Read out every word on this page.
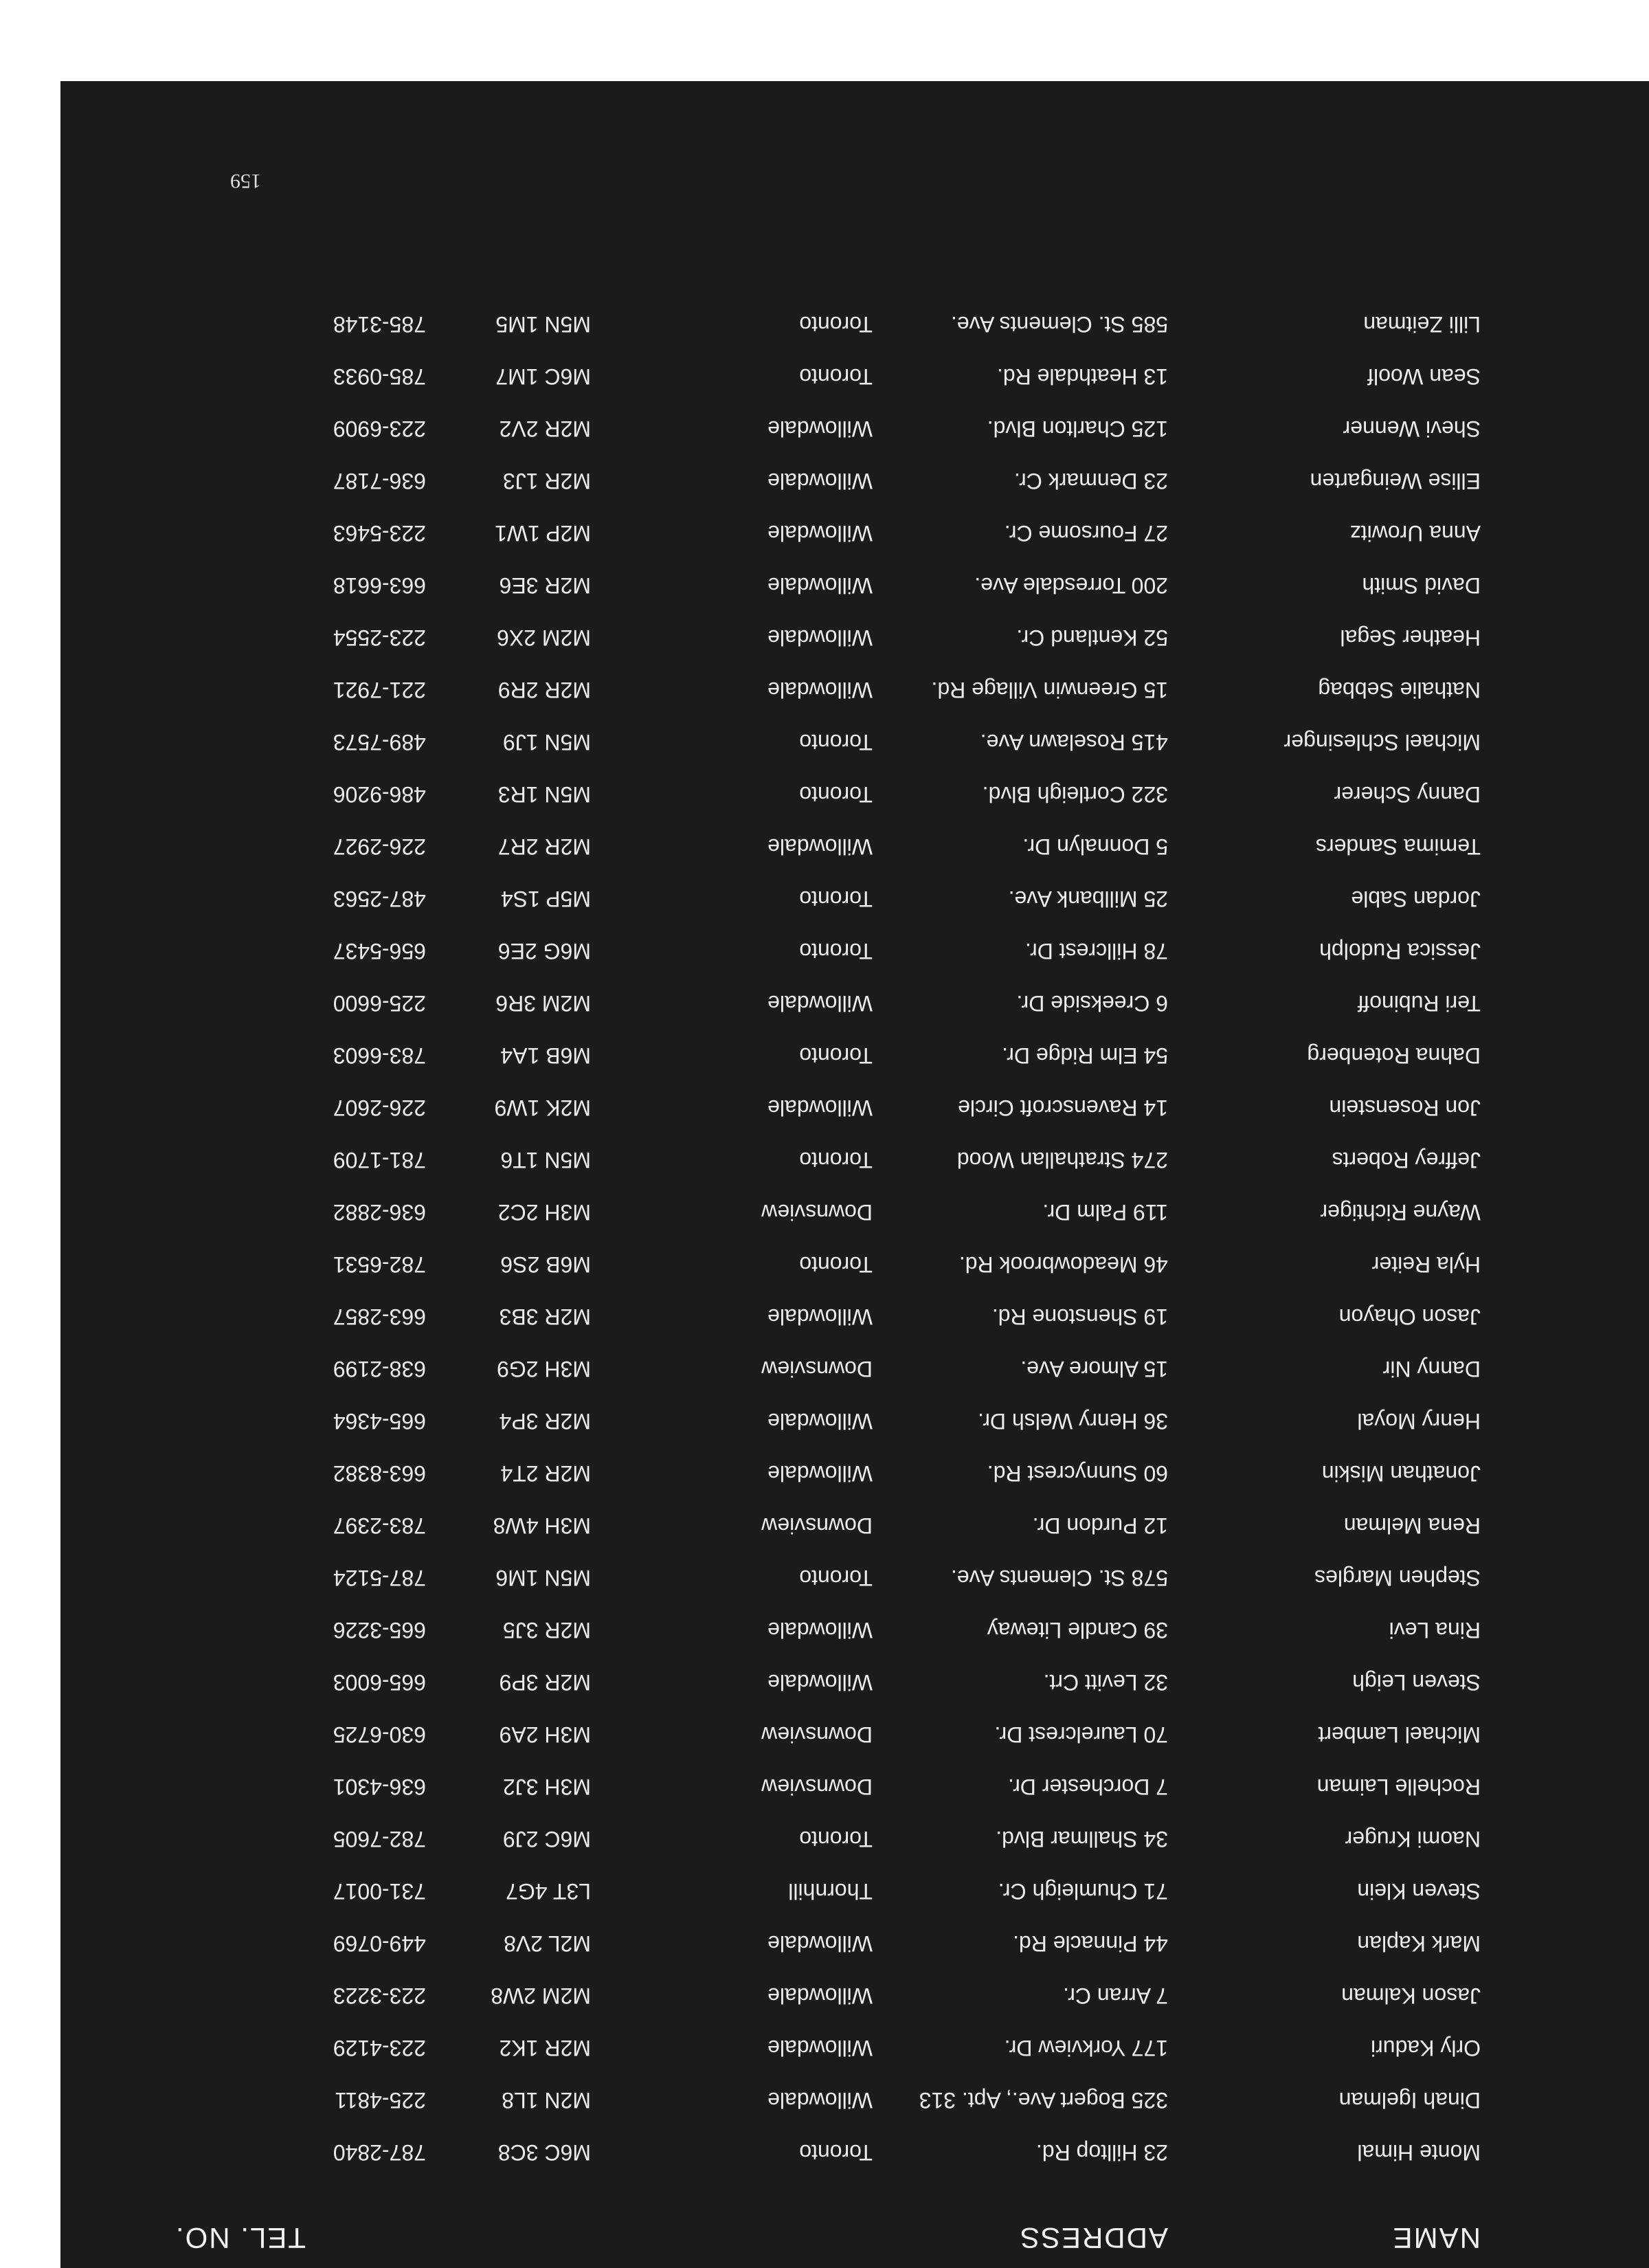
NAME
ADDRESS
TEL. NO.
Monte Himal
23 Hilltop Rd.
Toronto
M6C 3C8
787-2840
Dinah Igelman
325 Bogert Ave., Apt. 313
Willowdale
M2N 1L8
225-4811
Orly Kaduri
177 Yorkview Dr.
Willowdale
M2R 1K2
223-4129
Jason Kalman
7 Arran Cr.
Willowdale
M2M 2W8
223-3223
Mark Kaplan
44 Pinnacle Rd.
Willowdale
M2L 2V8
449-0769
Steven Klein
71 Chumleigh Cr.
Thornhill
L3T 4G7
731-0017
Naomi Kruger
34 Shallmar Blvd.
Toronto
M6C 2J9
782-7605
Rochelle Laiman
7 Dorchester Dr.
Downsview
M3H 3J2
636-4301
Michael Lambert
70 Laurelcrest Dr.
Downsview
M3H 2A9
630-6725
Steven Leigh
32 Levitt Crt.
Willowdale
M2R 3P9
665-6003
Rina Levi
39 Candle Liteway
Willowdale
M2R 3J5
665-3226
Stephen Margles
578 St. Clements Ave.
Toronto
M5N 1M6
787-5124
Rena Melman
12 Purdon Dr.
Downsview
M3H 4W8
783-2397
Jonathan Miskin
60 Sunnycrest Rd.
Willowdale
M2R 2T4
663-8382
Henry Moyal
36 Henry Welsh Dr.
Willowdale
M2R 3P4
665-4364
Danny Nir
15 Almore Ave.
Downsview
M3H 2G9
638-2199
Jason Ohayon
19 Shenstone Rd.
Willowdale
M2R 3B3
663-2857
Hyla Reiter
46 Meadowbrook Rd.
Toronto
M6B 2S6
782-6531
Wayne Richtiger
119 Palm Dr.
Downsview
M3H 2C2
636-2882
Jeffrey Roberts
274 Strathallan Wood
Toronto
M5N 1T6
781-1709
Jon Rosenstein
14 Ravenscroft Circle
Willowdale
M2K 1W9
226-2607
Dahna Rotenberg
54 Elm Ridge Dr.
Toronto
M6B 1A4
783-6603
Teri Rubinoff
6 Creekside Dr.
Willowdale
M2M 3R6
225-6600
Jessica Rudolph
78 Hillcrest Dr.
Toronto
M6G 2E6
656-5437
Jordan Sable
25 Millbank Ave.
Toronto
M5P 1S4
487-2563
Temima Sanders
5 Donnalyn Dr.
Willowdale
M2R 2R7
226-2927
Danny Scherer
322 Cortleigh Blvd.
Toronto
M5N 1R3
486-9206
Michael Schlesinger
415 Roselawn Ave.
Toronto
M5N 1J9
489-7573
Nathalie Sebbag
15 Greenwin Village Rd.
Willowdale
M2R 2R9
221-7921
Heather Segal
52 Kentland Cr.
Willowdale
M2M 2X6
223-2554
David Smith
200 Torresdale Ave.
Willowdale
M2R 3E6
663-6618
Anna Urowitz
27 Foursome Cr.
Willowdale
M2P 1W1
223-5463
Ellise Weingarten
23 Denmark Cr.
Willowdale
M2R 1J3
636-7187
Shevi Wenner
125 Charlton Blvd.
Willowdale
M2R 2V2
223-6909
Sean Woolf
13 Heathdale Rd.
Toronto
M6C 1M7
785-0933
Lilli Zeitman
585 St. Clements Ave.
Toronto
M5N 1M5
785-3148
159
